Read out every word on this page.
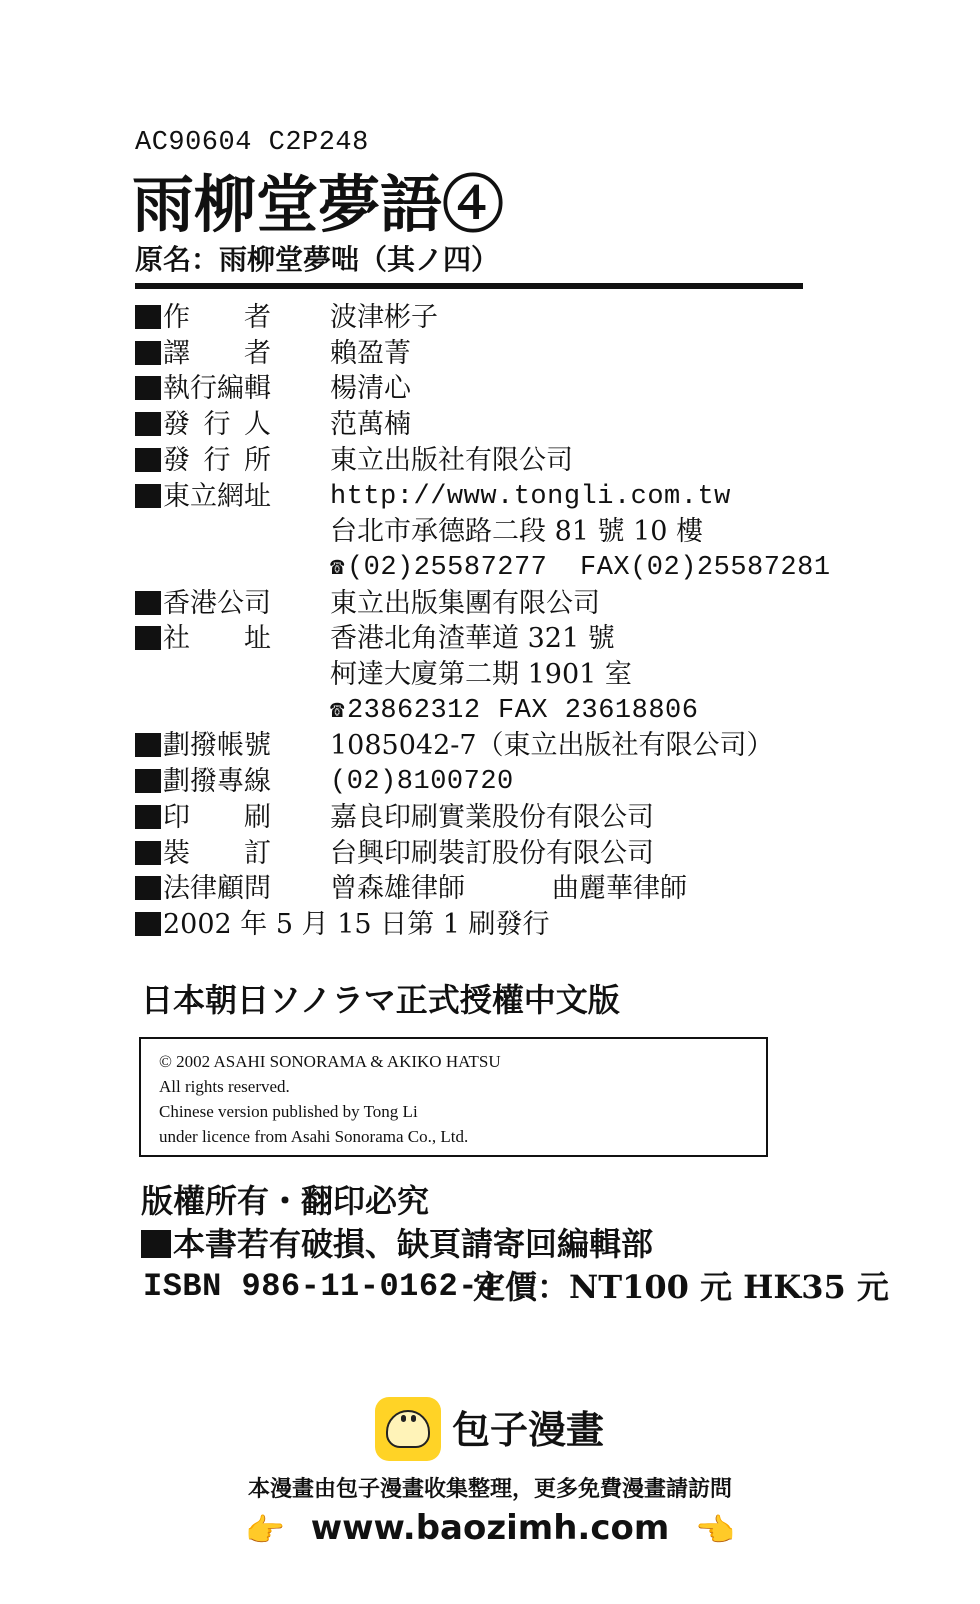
AC90604 C2P248
雨柳堂夢語④
原名：雨柳堂夢咄（其ノ四）
作　　者 波津彬子
譯　　者 賴盈菁
執行編輯 楊清心
發 行 人 范萬楠
發 行 所 東立出版社有限公司
東立網址 http://www.tongli.com.tw
台北市承德路二段 81 號 10 樓
☎(02)25587277 FAX(02)25587281
香港公司 東立出版集團有限公司
社　　址 香港北角渣華道 321 號
柯達大廈第二期 1901 室
☎23862312 FAX 23618806
劃撥帳號 1085042-7（東立出版社有限公司）
劃撥專線 (02)8100720
印　　刷 嘉良印刷實業股份有限公司
裝　　訂 台興印刷裝訂股份有限公司
法律顧問 曾森雄律師	曲麗華律師
2002 年 5 月 15 日第 1 刷發行
日本朝日ソノラマ正式授權中文版
© 2002 ASAHI SONORAMA & AKIKO HATSU
All rights reserved.
Chinese version published by Tong Li
under licence from Asahi Sonorama Co., Ltd.
版權所有・翻印必究
本書若有破損、缺頁請寄回編輯部
ISBN 986-11-0162-4
定價：NT100 元 HK35 元
包子漫畫
本漫畫由包子漫畫收集整理，更多免費漫畫請訪問
👉 www.baozimh.com 👈
